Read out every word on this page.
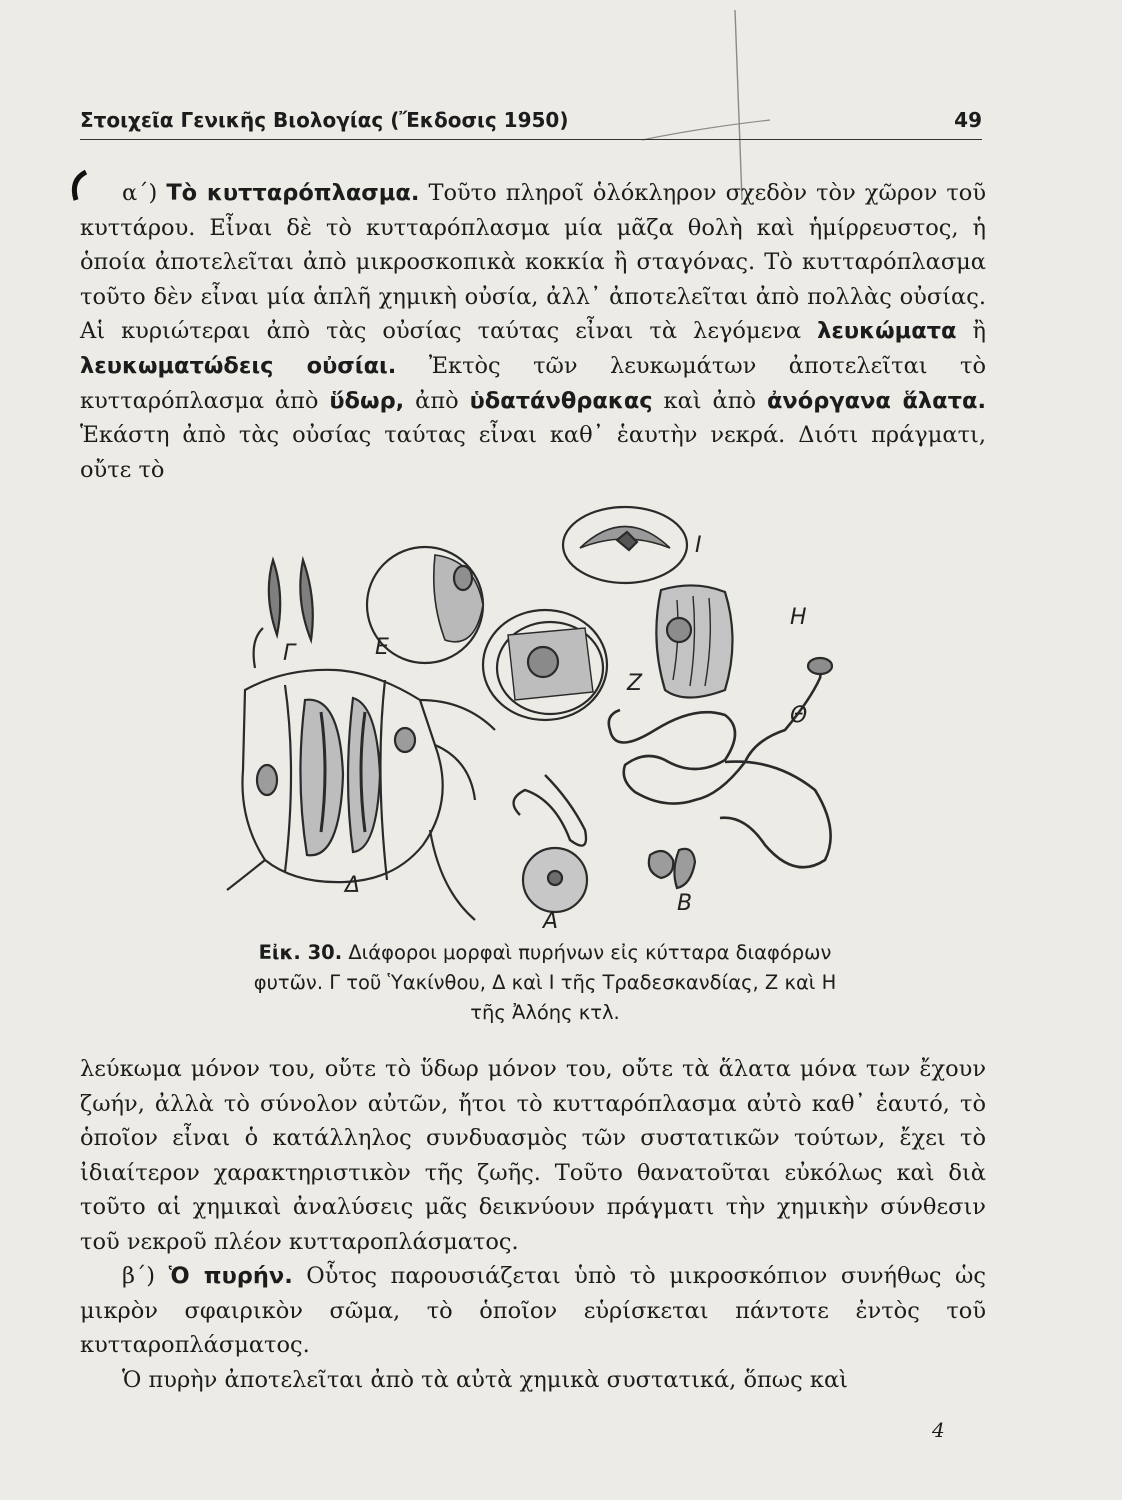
Στοιχεῖα Γενικῆς Βιολογίας (Ἔκδοσις 1950)	49
α΄) Τὸ κυτταρόπλασμα. Τοῦτο πληροῖ ὁλόκληρον σχεδὸν τὸν χῶρον τοῦ κυττάρου. Εἶναι δὲ τὸ κυτταρόπλασμα μία μᾶζα θολὴ καὶ ἡμίρρευστος, ἡ ὁποία ἀποτελεῖται ἀπὸ μικροσκοπικὰ κοκκία ἢ σταγόνας. Τὸ κυτταρόπλασμα τοῦτο δὲν εἶναι μία ἁπλῆ χημικὴ οὐσία, ἀλλ᾿ ἀποτελεῖται ἀπὸ πολλὰς οὐσίας. Αἱ κυριώτεραι ἀπὸ τὰς οὐσίας ταύτας εἶναι τὰ λεγόμενα λευκώματα ἢ λευκωματώδεις οὐσίαι. Ἐκτὸς τῶν λευκωμάτων ἀποτελεῖται τὸ κυτταρόπλασμα ἀπὸ ὕδωρ, ἀπὸ ὑδατάνθρακας καὶ ἀπὸ ἀνόργανα ἅλατα. Ἑκάστη ἀπὸ τὰς οὐσίας ταύτας εἶναι καθ᾿ ἑαυτὴν νεκρά. Διότι πράγματι, οὔτε τὸ
I
E
Γ
H
Z
Θ
Δ
A
B
Εἰκ. 30. Διάφοροι μορφαὶ πυρήνων εἰς κύτταρα διαφόρων φυτῶν. Γ τοῦ Ὑακίνθου, Δ καὶ Ι τῆς Τραδεσκανδίας, Ζ καὶ Η τῆς Ἀλόης κτλ.
λεύκωμα μόνον του, οὔτε τὸ ὕδωρ μόνον του, οὔτε τὰ ἅλατα μόνα των ἔχουν ζωήν, ἀλλὰ τὸ σύνολον αὐτῶν, ἤτοι τὸ κυτταρόπλασμα αὐτὸ καθ᾿ ἑαυτό, τὸ ὁποῖον εἶναι ὁ κατάλληλος συνδυασμὸς τῶν συστατικῶν τούτων, ἔχει τὸ ἰδιαίτερον χαρακτηριστικὸν τῆς ζωῆς. Τοῦτο θανατοῦται εὐκόλως καὶ διὰ τοῦτο αἱ χημικαὶ ἀναλύσεις μᾶς δεικνύουν πράγματι τὴν χημικὴν σύνθεσιν τοῦ νεκροῦ πλέον κυτταροπλάσματος.
β΄) Ὁ πυρήν. Οὗτος παρουσιάζεται ὑπὸ τὸ μικροσκόπιον συνήθως ὡς μικρὸν σφαιρικὸν σῶμα, τὸ ὁποῖον εὑρίσκεται πάντοτε ἐντὸς τοῦ κυτταροπλάσματος.
Ὁ πυρὴν ἀποτελεῖται ἀπὸ τὰ αὐτὰ χημικὰ συστατικά, ὅπως καὶ
4
